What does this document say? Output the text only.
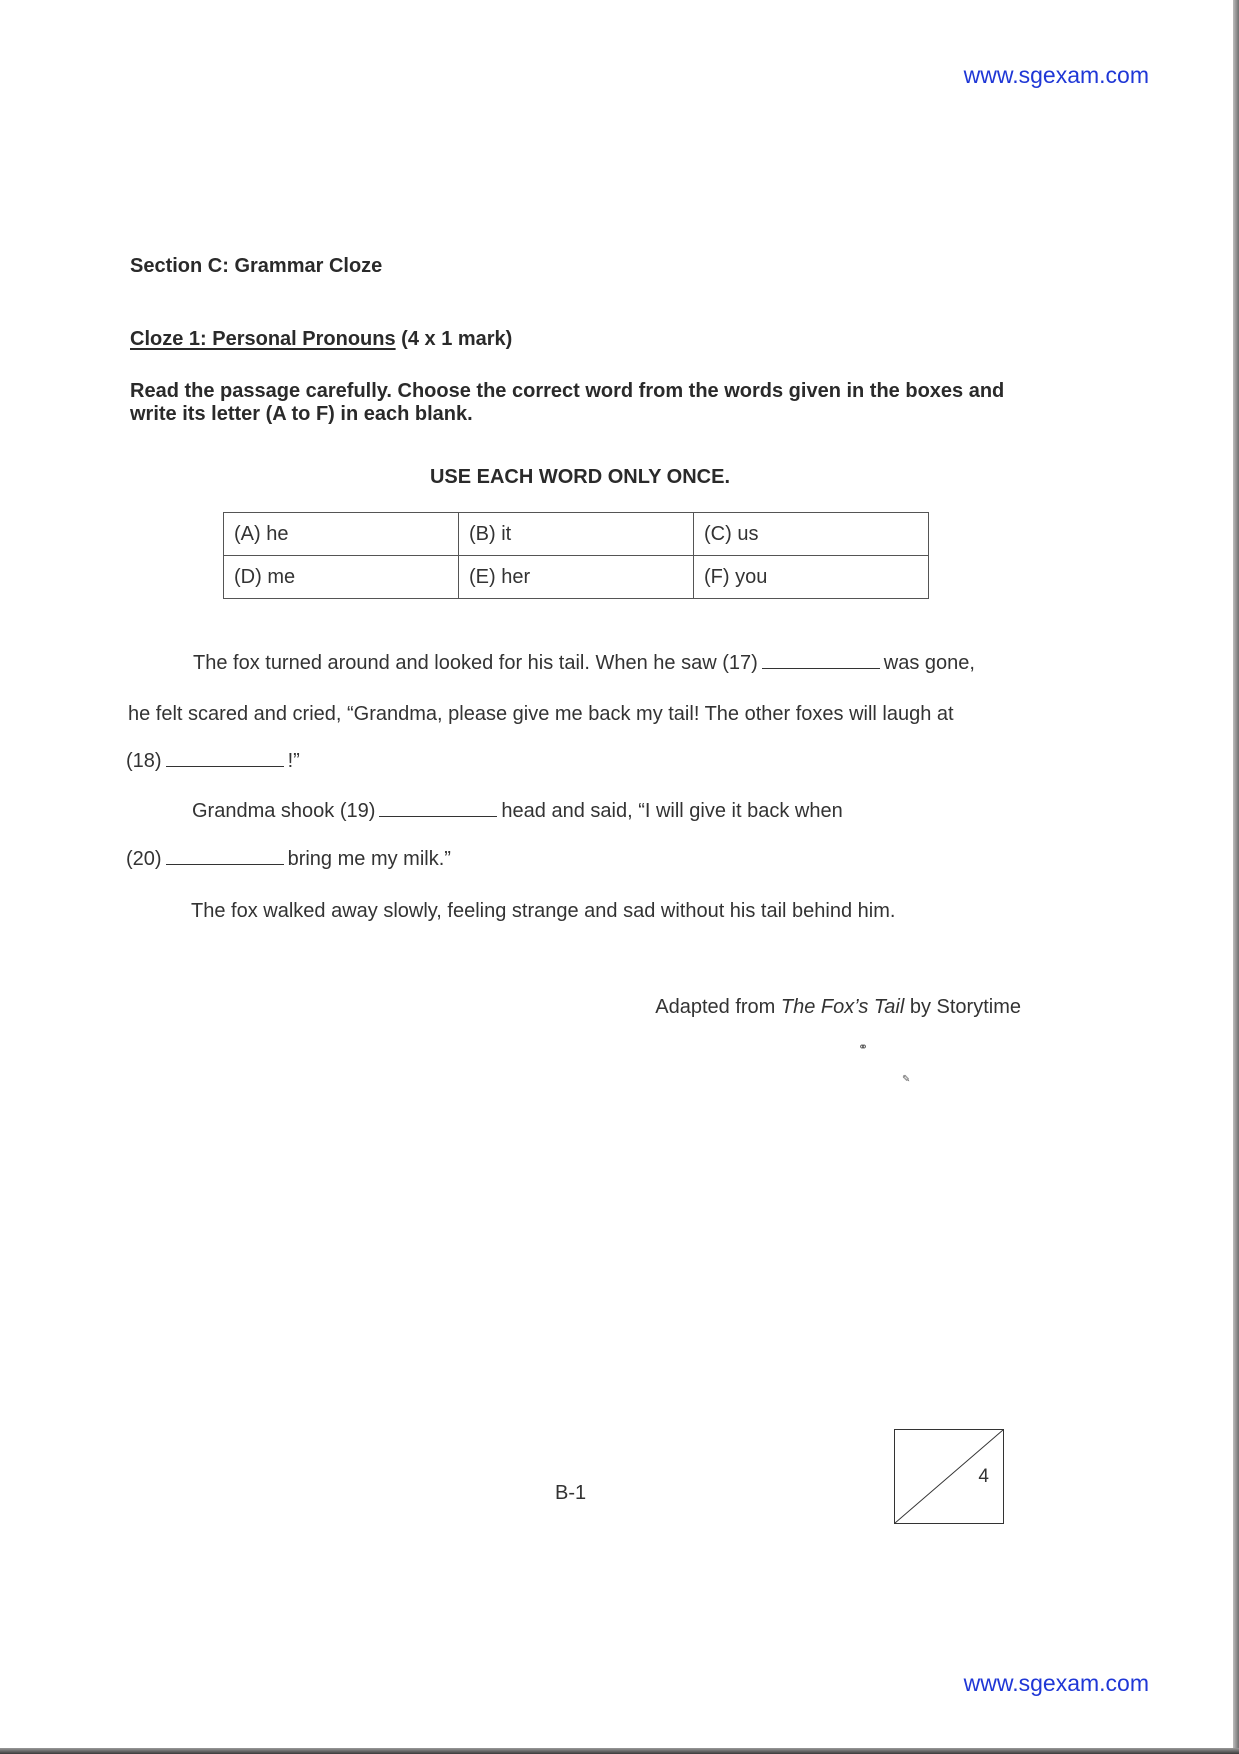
www.sgexam.com
Section C: Grammar Cloze
Cloze 1: Personal Pronouns (4 x 1 mark)
Read the passage carefully. Choose the correct word from the words given in the boxes and write its letter (A to F) in each blank.
USE EACH WORD ONLY ONCE.
(A) he	(B) it	(C) us
(D) me	(E) her	(F) you

The fox turned around and looked for his tail. When he saw (17)	was gone,

he felt scared and cried, “Grandma, please give me back my tail! The other foxes will laugh at

(18)	!”

Grandma shook (19)	head and said, “I will give it back when

(20)	bring me my milk.”

The fox walked away slowly, feeling strange and sad without his tail behind him.

Adapted from The Fox’s Tail by Storytime
⚭
✎
B-1
4
www.sgexam.com
